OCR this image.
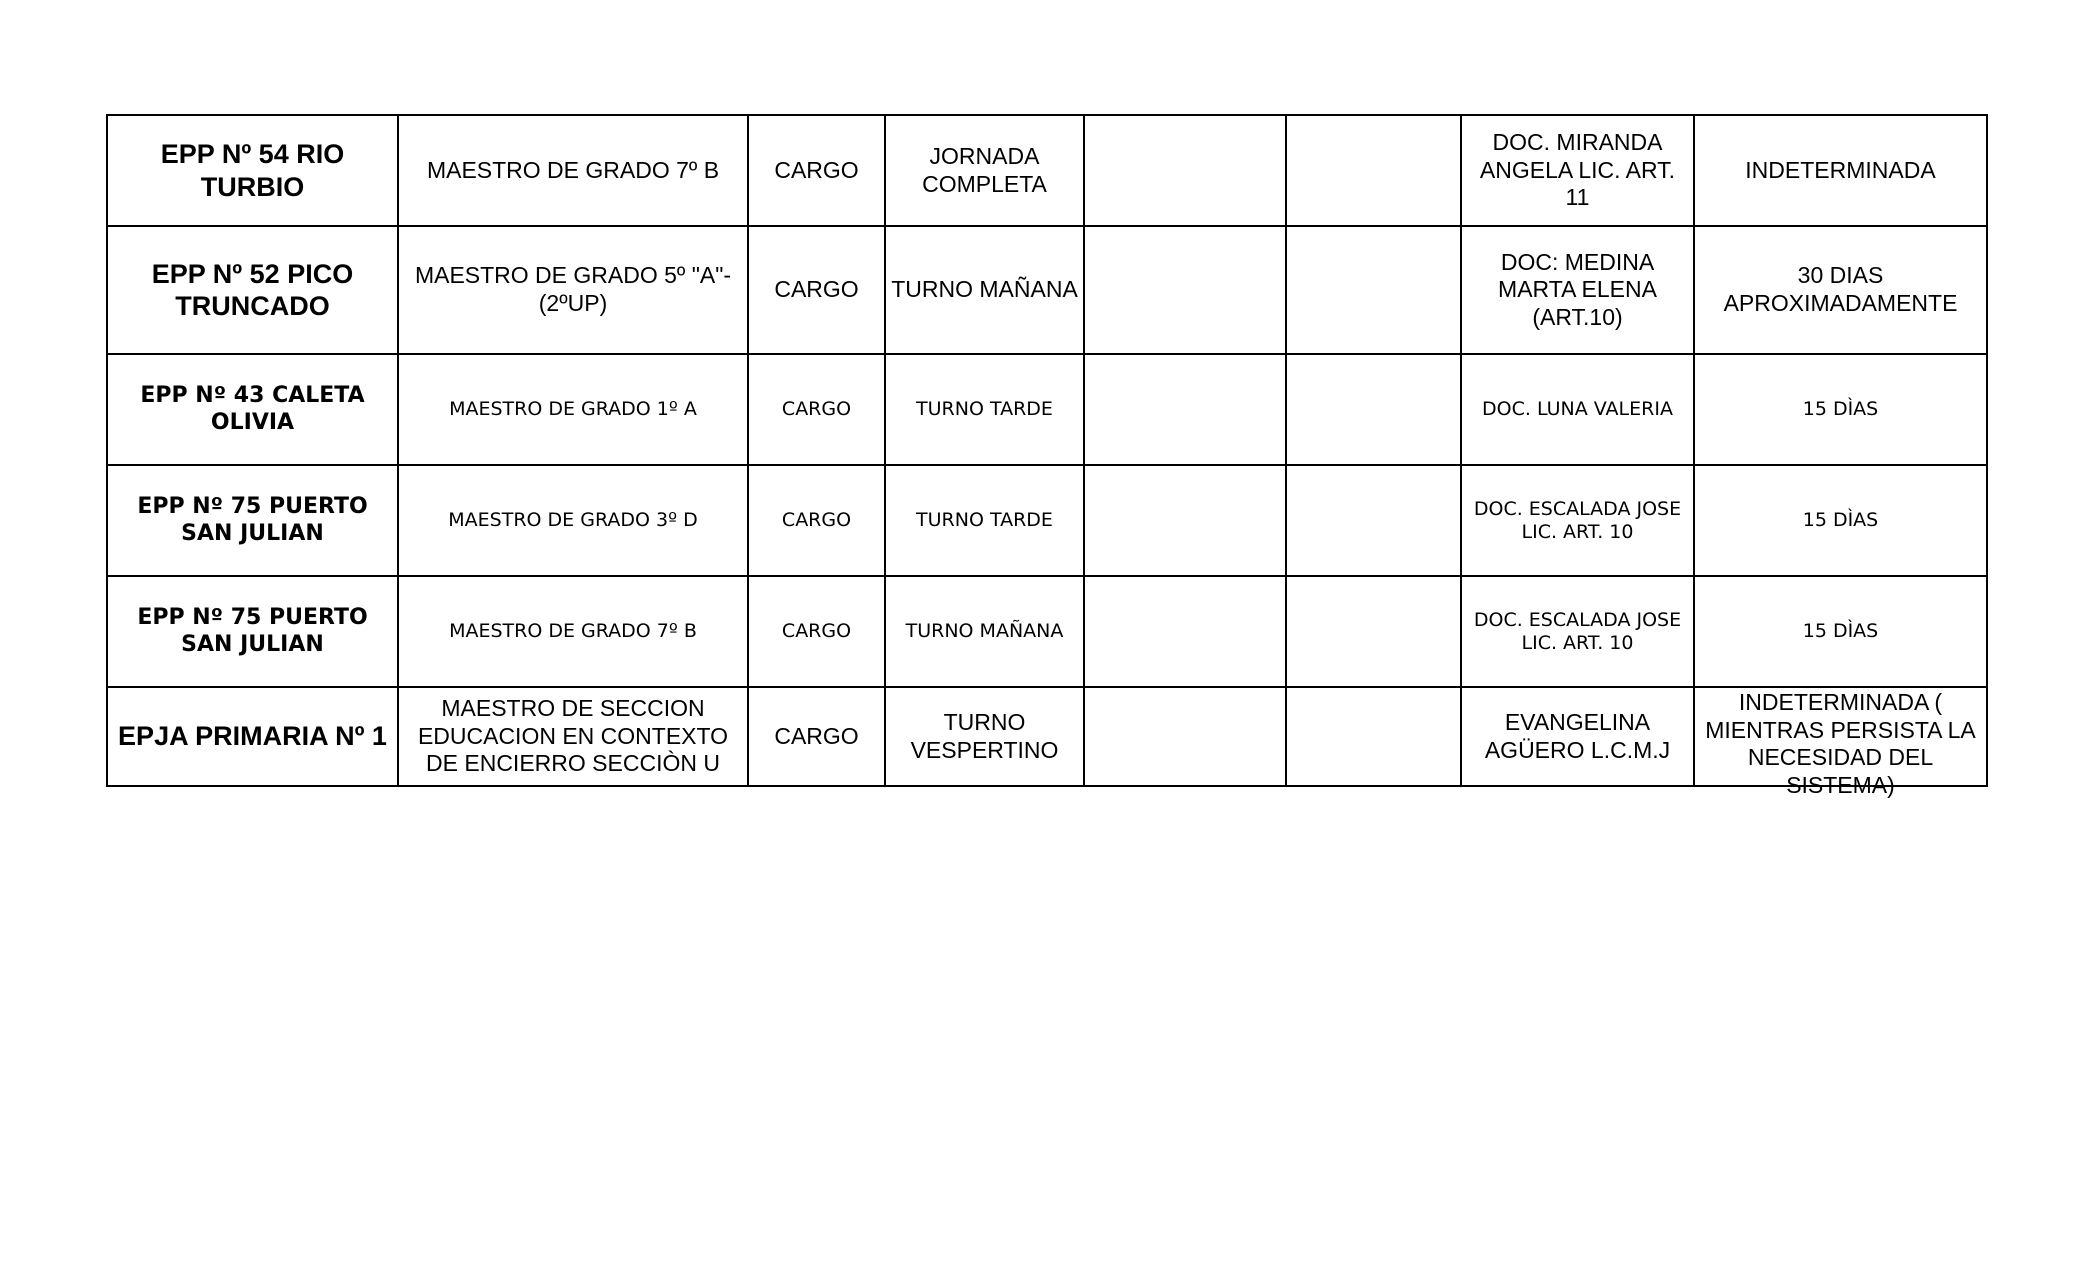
EPP Nº 54 RIO TURBIO	MAESTRO DE GRADO 7º B	CARGO	JORNADA COMPLETA			DOC. MIRANDA ANGELA LIC. ART. 11	INDETERMINADA
EPP Nº 52 PICO TRUNCADO	MAESTRO DE GRADO 5º "A"- (2ºUP)	CARGO	TURNO MAÑANA			DOC: MEDINA MARTA ELENA (ART.10)	30 DIAS APROXIMADAMENTE
EPP Nº 43 CALETA OLIVIA	MAESTRO DE GRADO 1º A	CARGO	TURNO TARDE			DOC. LUNA VALERIA	15 DÌAS
EPP Nº 75 PUERTO SAN JULIAN	MAESTRO DE GRADO 3º D	CARGO	TURNO TARDE			DOC. ESCALADA JOSE LIC. ART. 10	15 DÌAS
EPP Nº 75 PUERTO SAN JULIAN	MAESTRO DE GRADO 7º B	CARGO	TURNO MAÑANA			DOC. ESCALADA JOSE LIC. ART. 10	15 DÌAS
EPJA PRIMARIA Nº 1	MAESTRO DE SECCION EDUCACION EN CONTEXTO DE ENCIERRO SECCIÒN U	CARGO	TURNO VESPERTINO			EVANGELINA AGÜERO L.C.M.J	INDETERMINADA ( MIENTRAS PERSISTA LA NECESIDAD DEL SISTEMA)
